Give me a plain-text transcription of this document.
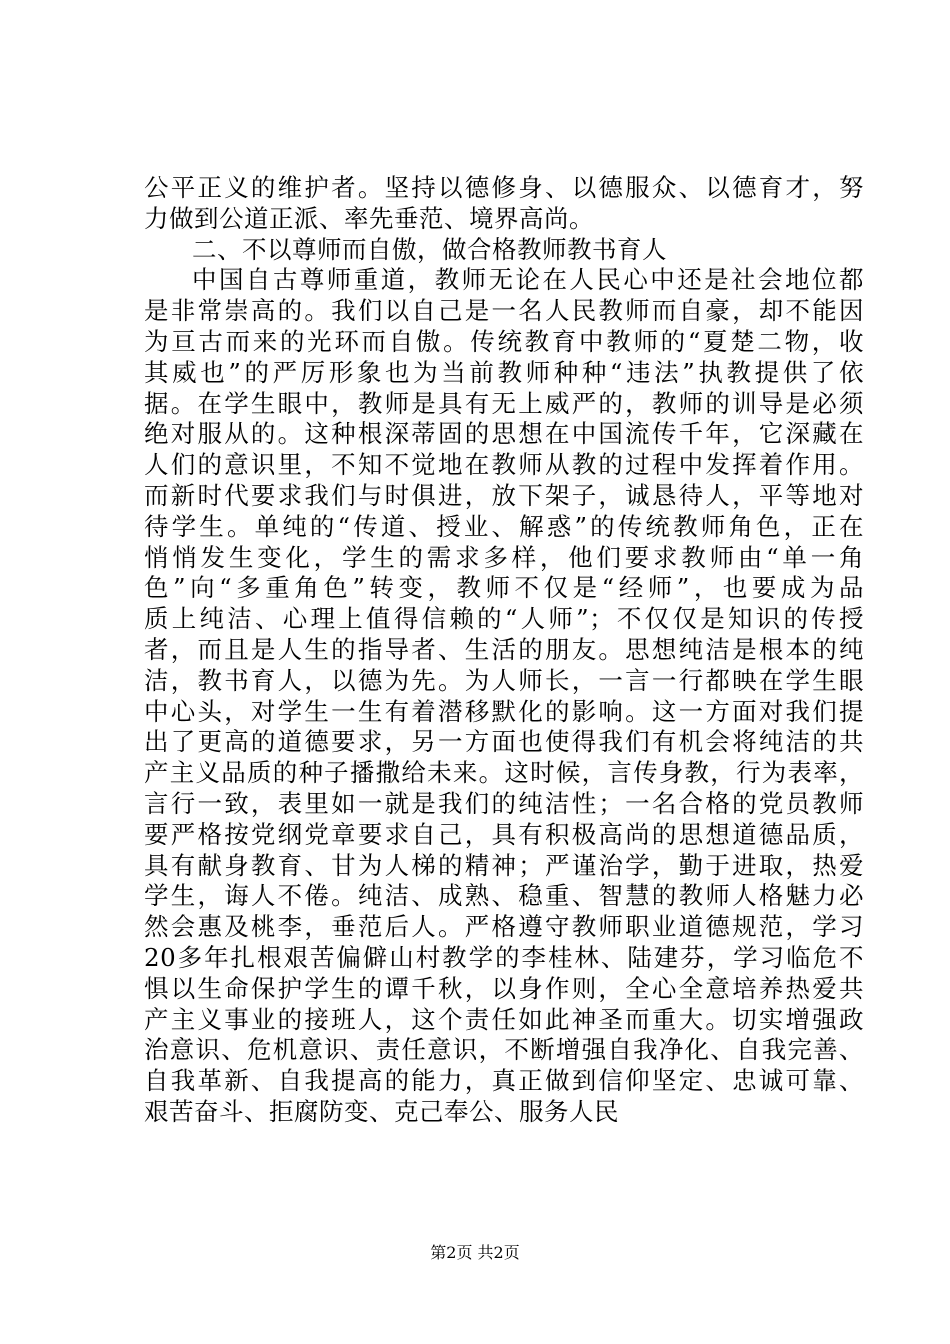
公平正义的维护者。坚持以德修身、以德服众、以德育才，努
力做到公道正派、率先垂范、境界高尚。
二、不以尊师而自傲，做合格教师教书育人
中国自古尊师重道，教师无论在人民心中还是社会地位都
是非常崇高的。我们以自己是一名人民教师而自豪，却不能因
为亘古而来的光环而自傲。传统教育中教师的“夏楚二物，收
其威也”的严厉形象也为当前教师种种“违法”执教提供了依
据。在学生眼中，教师是具有无上威严的，教师的训导是必须
绝对服从的。这种根深蒂固的思想在中国流传千年，它深藏在
人们的意识里，不知不觉地在教师从教的过程中发挥着作用。
而新时代要求我们与时俱进，放下架子，诚恳待人，平等地对
待学生。单纯的“传道、授业、解惑”的传统教师角色，正在
悄悄发生变化，学生的需求多样，他们要求教师由“单一角
色”向“多重角色”转变，教师不仅是“经师”，也要成为品
质上纯洁、心理上值得信赖的“人师”；不仅仅是知识的传授
者，而且是人生的指导者、生活的朋友。思想纯洁是根本的纯
洁，教书育人，以德为先。为人师长，一言一行都映在学生眼
中心头，对学生一生有着潜移默化的影响。这一方面对我们提
出了更高的道德要求，另一方面也使得我们有机会将纯洁的共
产主义品质的种子播撒给未来。这时候，言传身教，行为表率，
言行一致，表里如一就是我们的纯洁性；一名合格的党员教师
要严格按党纲党章要求自己，具有积极高尚的思想道德品质，
具有献身教育、甘为人梯的精神；严谨治学，勤于进取，热爱
学生，诲人不倦。纯洁、成熟、稳重、智慧的教师人格魅力必
然会惠及桃李，垂范后人。严格遵守教师职业道德规范，学习
20多年扎根艰苦偏僻山村教学的李桂林、陆建芬，学习临危不
惧以生命保护学生的谭千秋，以身作则，全心全意培养热爱共
产主义事业的接班人，这个责任如此神圣而重大。切实增强政
治意识、危机意识、责任意识，不断增强自我净化、自我完善、
自我革新、自我提高的能力，真正做到信仰坚定、忠诚可靠、
艰苦奋斗、拒腐防变、克己奉公、服务人民
第2页 共2页
